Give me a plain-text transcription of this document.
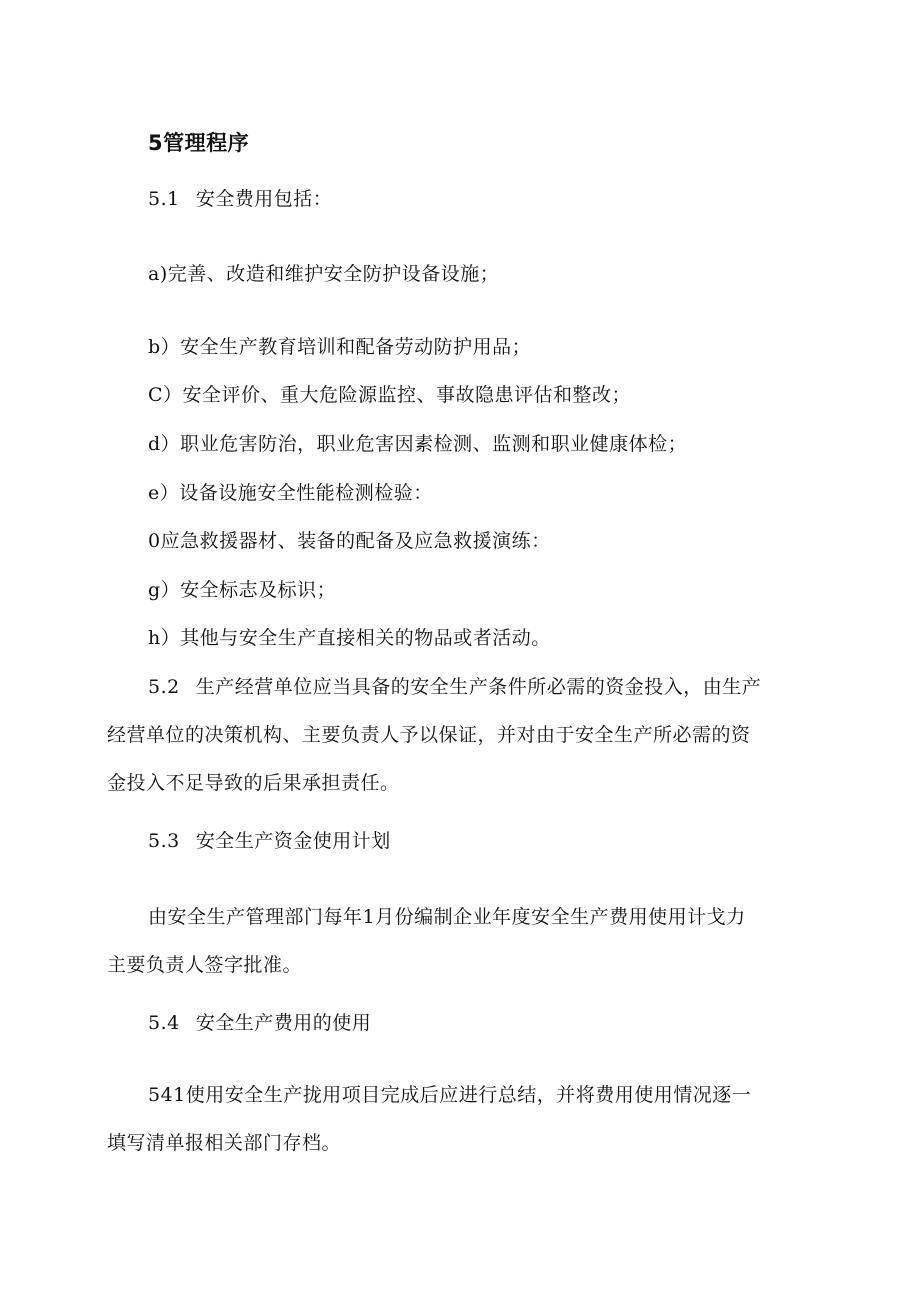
5管理程序
5.1 安全费用包括：
a)完善、改造和维护安全防护设备设施；
b）安全生产教育培训和配备劳动防护用品；
C）安全评价、重大危险源监控、事故隐患评估和整改；
d）职业危害防治，职业危害因素检测、监测和职业健康体检；
e）设备设施安全性能检测检验：
0应急救援器材、装备的配备及应急救援演练：
g）安全标志及标识；
h）其他与安全生产直接相关的物品或者活动。
5.2 生产经营单位应当具备的安全生产条件所必需的资金投入，由生产
经营单位的决策机构、主要负责人予以保证，并对由于安全生产所必需的资
金投入不足导致的后果承担责任。
5.3 安全生产资金使用计划
由安全生产管理部门每年1月份编制企业年度安全生产费用使用计戈力
主要负责人签字批准。
5.4 安全生产费用的使用
541使用安全生产拢用项目完成后应进行总结，并将费用使用情况逐一
填写清单报相关部门存档。
